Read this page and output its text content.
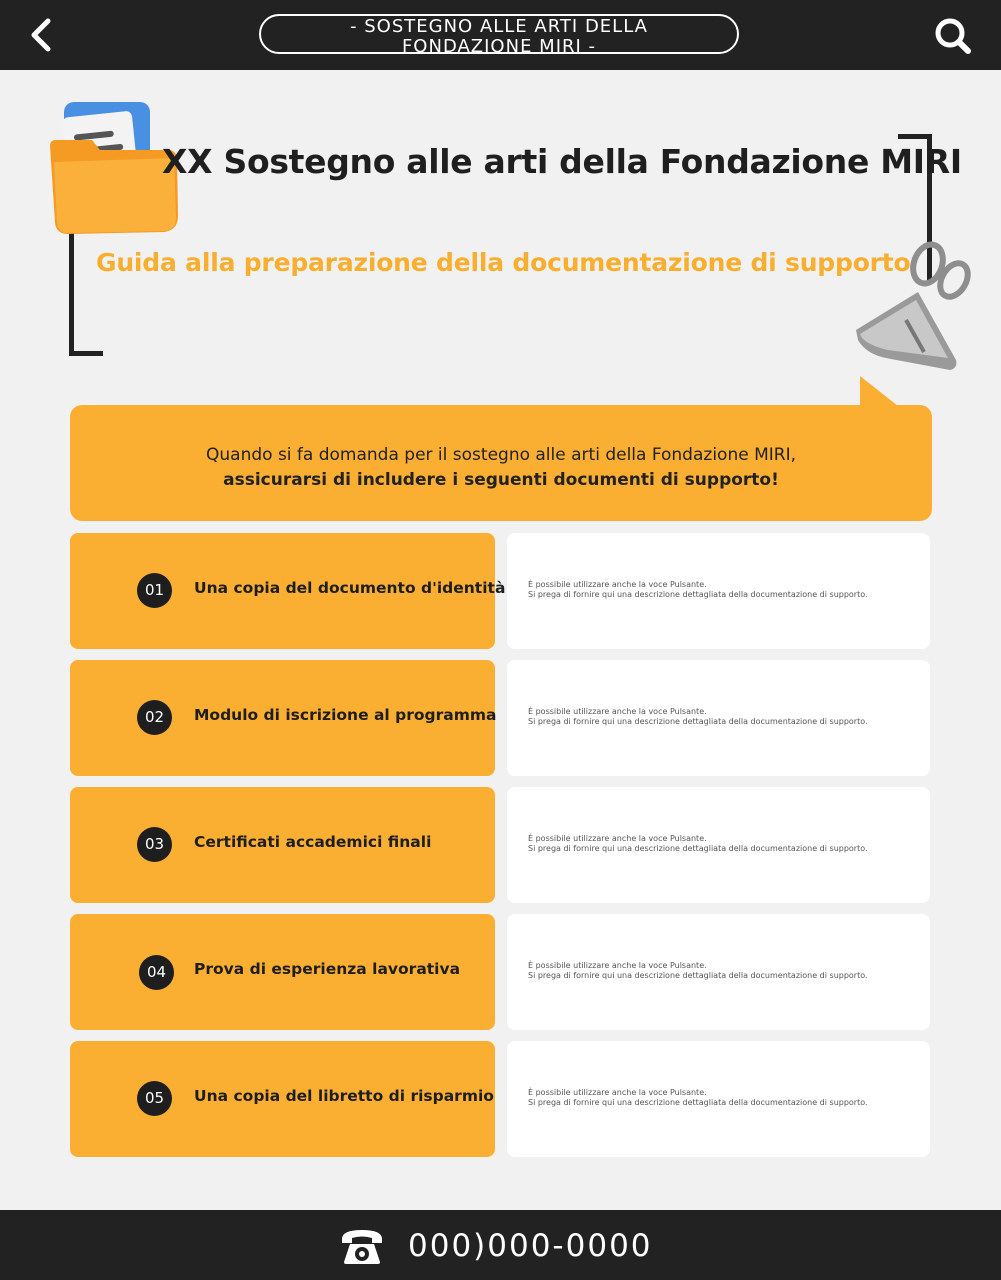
- SOSTEGNO ALLE ARTI DELLA FONDAZIONE MIRI -
XX Sostegno alle arti della Fondazione MIRI
Guida alla preparazione della documentazione di supporto
Quando si fa domanda per il sostegno alle arti della Fondazione MIRI,
assicurarsi di includere i seguenti documenti di supporto!
01	Una copia del documento d'identità	È possibile utilizzare anche la voce Pulsante.
Si prega di fornire qui una descrizione dettagliata della documentazione di supporto.
02	Modulo di iscrizione al programma	È possibile utilizzare anche la voce Pulsante.
Si prega di fornire qui una descrizione dettagliata della documentazione di supporto.
03	Certificati accademici finali	È possibile utilizzare anche la voce Pulsante.
Si prega di fornire qui una descrizione dettagliata della documentazione di supporto.
04	Prova di esperienza lavorativa	È possibile utilizzare anche la voce Pulsante.
Si prega di fornire qui una descrizione dettagliata della documentazione di supporto.
05	Una copia del libretto di risparmio	È possibile utilizzare anche la voce Pulsante.
Si prega di fornire qui una descrizione dettagliata della documentazione di supporto.
000)000-0000
